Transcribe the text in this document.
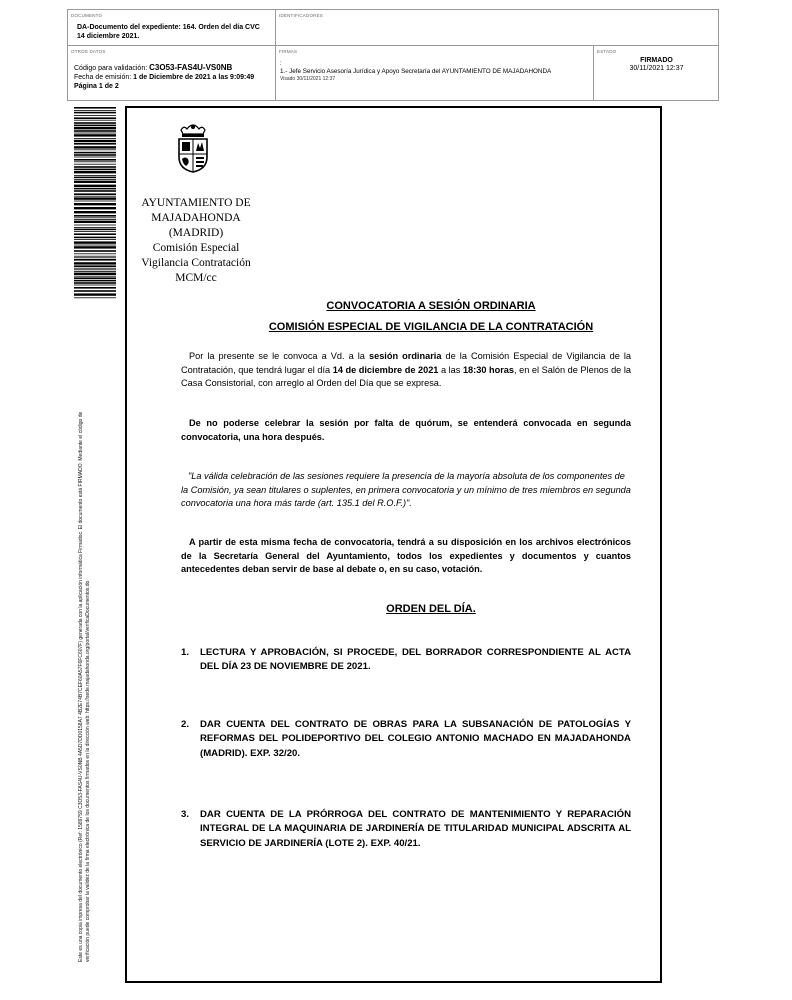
DOCUMENTO
DA-Documento del expediente: 164. Orden del día CVC 14 diciembre 2021.
IDENTIFICADORES
OTROS DATOS
Código para validación: C3O53-FAS4U-VS0NB
Fecha de emisión: 1 de Diciembre de 2021 a las 9:09:49
Página 1 de 2
FIRMAS
:
1.- Jefe Servicio Asesoría Jurídica y Apoyo Secretaría del AYUNTAMIENTO DE MAJADAHONDA
Visado 30/11/2021 12:37
ESTADO
FIRMADO
30/11/2021 12:37
Este es una copia impresa del documento electrónico (Ref: 1589759 C3O53-FAS4U-VS0NB 4A5D7DD0158A7 4B2E74B7CEF60A57F6FC607F) generada con la aplicación informática Firmadoc. El documento está FIRMADO. Mediante el código de verificación puede comprobar la validez de la firma electrónica de los documentos firmados en la dirección web: https://sede.majadahonda.org/portal/verificaDocumentos.do
AYUNTAMIENTO DE
MAJADAHONDA
(MADRID)
Comisión Especial
Vigilancia Contratación
MCM/cc
CONVOCATORIA A SESIÓN ORDINARIA
COMISIÓN ESPECIAL DE VIGILANCIA DE LA CONTRATACIÓN
Por la presente se le convoca a Vd. a la sesión ordinaria de la Comisión Especial de Vigilancia de la Contratación, que tendrá lugar el día 14 de diciembre de 2021 a las 18:30 horas, en el Salón de Plenos de la Casa Consistorial, con arreglo al Orden del Día que se expresa.
De no poderse celebrar la sesión por falta de quórum, se entenderá convocada en segunda convocatoria, una hora después.
"La válida celebración de las sesiones requiere la presencia de la mayoría absoluta de los componentes de la Comisión, ya sean titulares o suplentes, en primera convocatoria y un mínimo de tres miembros en segunda convocatoria una hora más tarde (art. 135.1 del R.O.F.)".
A partir de esta misma fecha de convocatoria, tendrá a su disposición en los archivos electrónicos de la Secretaría General del Ayuntamiento, todos los expedientes y documentos y cuantos antecedentes deban servir de base al debate o, en su caso, votación.
ORDEN DEL DÍA.
1.	LECTURA Y APROBACIÓN, SI PROCEDE, DEL BORRADOR CORRESPONDIENTE AL ACTA DEL DÍA 23 DE NOVIEMBRE DE 2021.
2.	DAR CUENTA DEL CONTRATO DE OBRAS PARA LA SUBSANACIÓN DE PATOLOGÍAS Y REFORMAS DEL POLIDEPORTIVO DEL COLEGIO ANTONIO MACHADO EN MAJADAHONDA (MADRID). EXP. 32/20.
3.	DAR CUENTA DE LA PRÓRROGA DEL CONTRATO DE MANTENIMIENTO Y REPARACIÓN INTEGRAL DE LA MAQUINARIA DE JARDINERÍA DE TITULARIDAD MUNICIPAL ADSCRITA AL SERVICIO DE JARDINERÍA (LOTE 2). EXP. 40/21.
